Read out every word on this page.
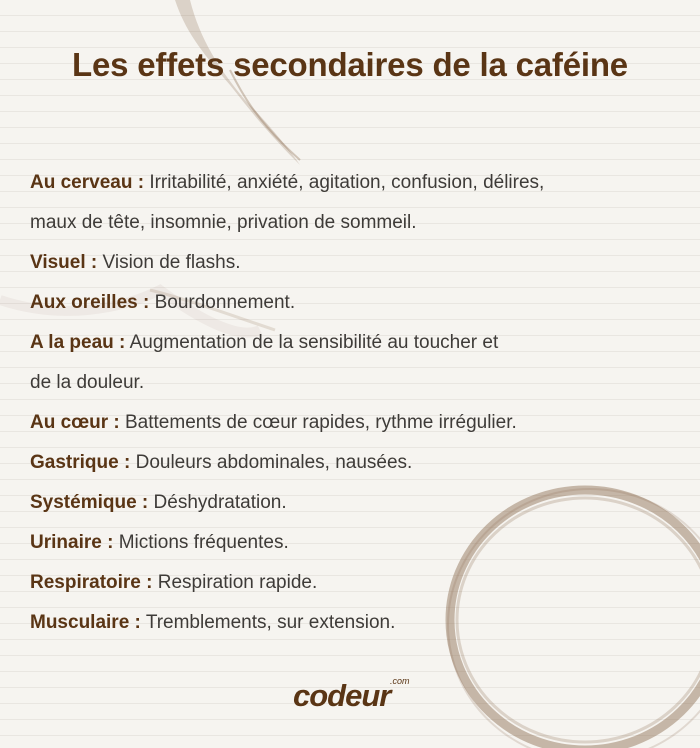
Les effets secondaires de la caféine
Au cerveau : Irritabilité, anxiété, agitation, confusion, délires,
maux de tête, insomnie, privation de sommeil.
Visuel : Vision de flashs.
Aux oreilles : Bourdonnement.
A la peau : Augmentation de la sensibilité au toucher et
de la douleur.
Au cœur : Battements de cœur rapides, rythme irrégulier.
Gastrique : Douleurs abdominales, nausées.
Systémique : Déshydratation.
Urinaire : Mictions fréquentes.
Respiratoire : Respiration rapide.
Musculaire : Tremblements, sur extension.
codeur .com
